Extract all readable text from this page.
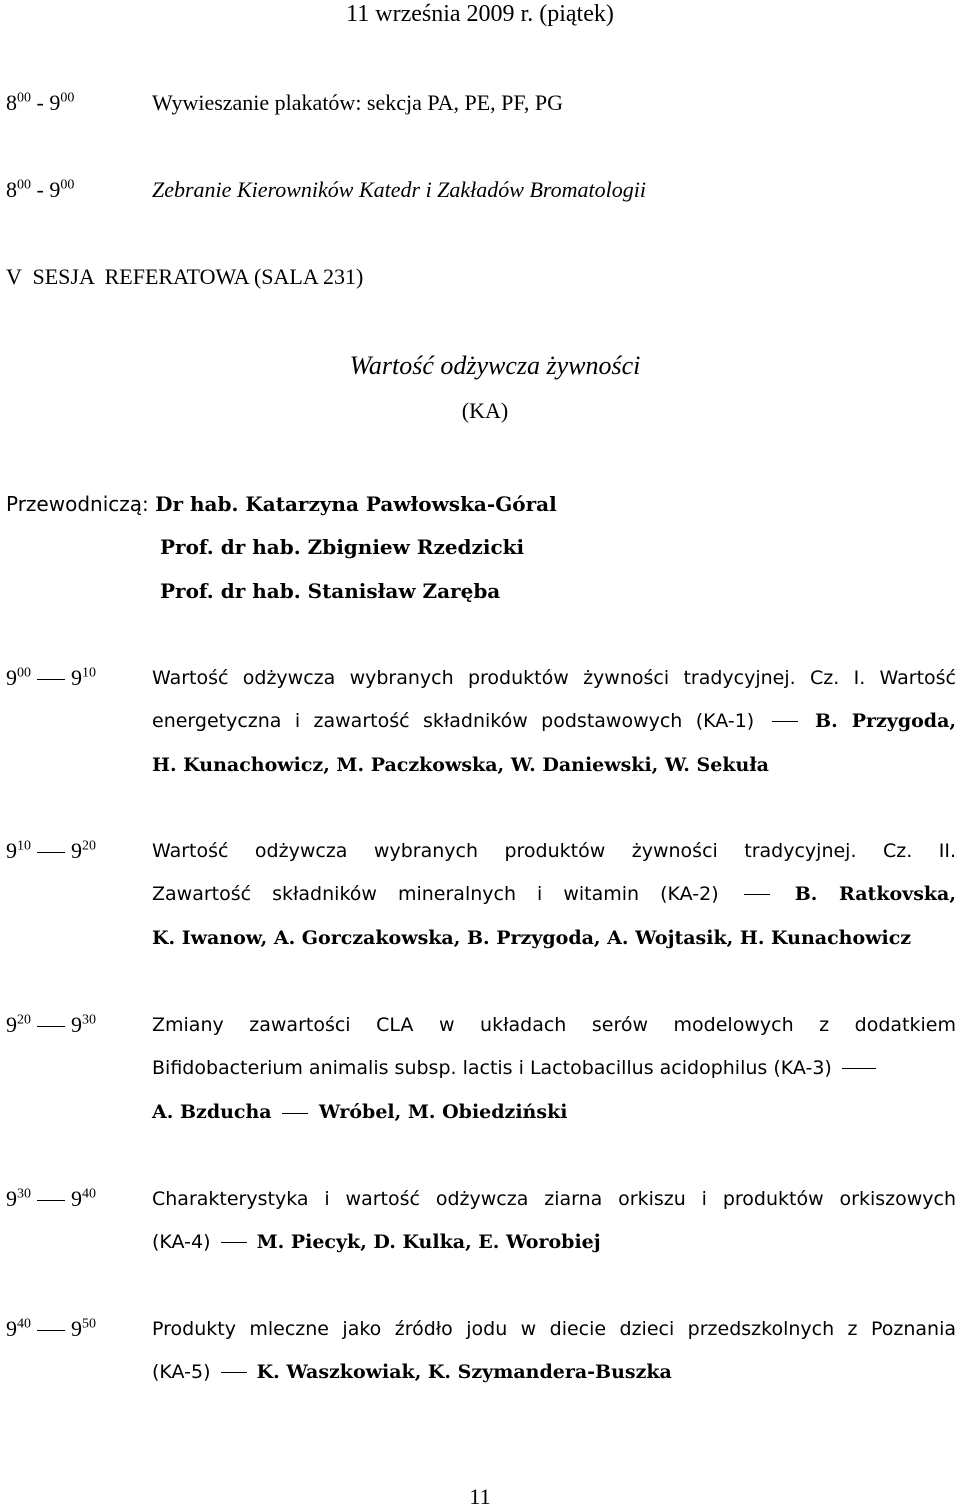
11 września 2009 r. (piątek)
$8^{00} - 9^{00}$	Wywieszanie plakatów: sekcja PA, PE, PF, PG
$8^{00} - 9^{00}$	Zebranie Kierowników Katedr i Zakładów Bromatologii
V  SESJA  REFERATOWA (SALA 231)
Wartość odżywcza żywności
(KA)
Przewodniczą: Dr hab. Katarzyna Pawłowska-Góral
Prof. dr hab. Zbigniew Rzedzicki
Prof. dr hab. Stanisław Zaręba
$9^{00}$ $9^{10}$	Wartość odżywcza wybranych produktów żywności tradycyjnej. Cz. I. Wartość
energetyczna i zawartość składników podstawowych (KA-1)	B. Przygoda,
H. Kunachowicz, M. Paczkowska, W. Daniewski, W. Sekuła
$9^{10}$ $9^{20}$	Wartość odżywcza wybranych produktów żywności tradycyjnej. Cz. II.
Zawartość składników mineralnych i witamin (KA-2)	B. Ratkovska,
K. Iwanow, A. Gorczakowska, B. Przygoda, A. Wojtasik, H. Kunachowicz
$9^{20}$ $9^{30}$	Zmiany zawartości CLA w układach serów modelowych z dodatkiem
Bifidobacterium animalis subsp. lactis i Lactobacillus acidophilus (KA-3)
A. Bzducha Wróbel, M. Obiedziński
$9^{30}$ $9^{40}$	Charakterystyka i wartość odżywcza ziarna orkiszu i produktów orkiszowych
(KA-4) M. Piecyk, D. Kulka, E. Worobiej
$9^{40}$ $9^{50}$	Produkty mleczne jako źródło jodu w diecie dzieci przedszkolnych z Poznania
(KA-5) K. Waszkowiak, K. Szymandera-Buszka
11
